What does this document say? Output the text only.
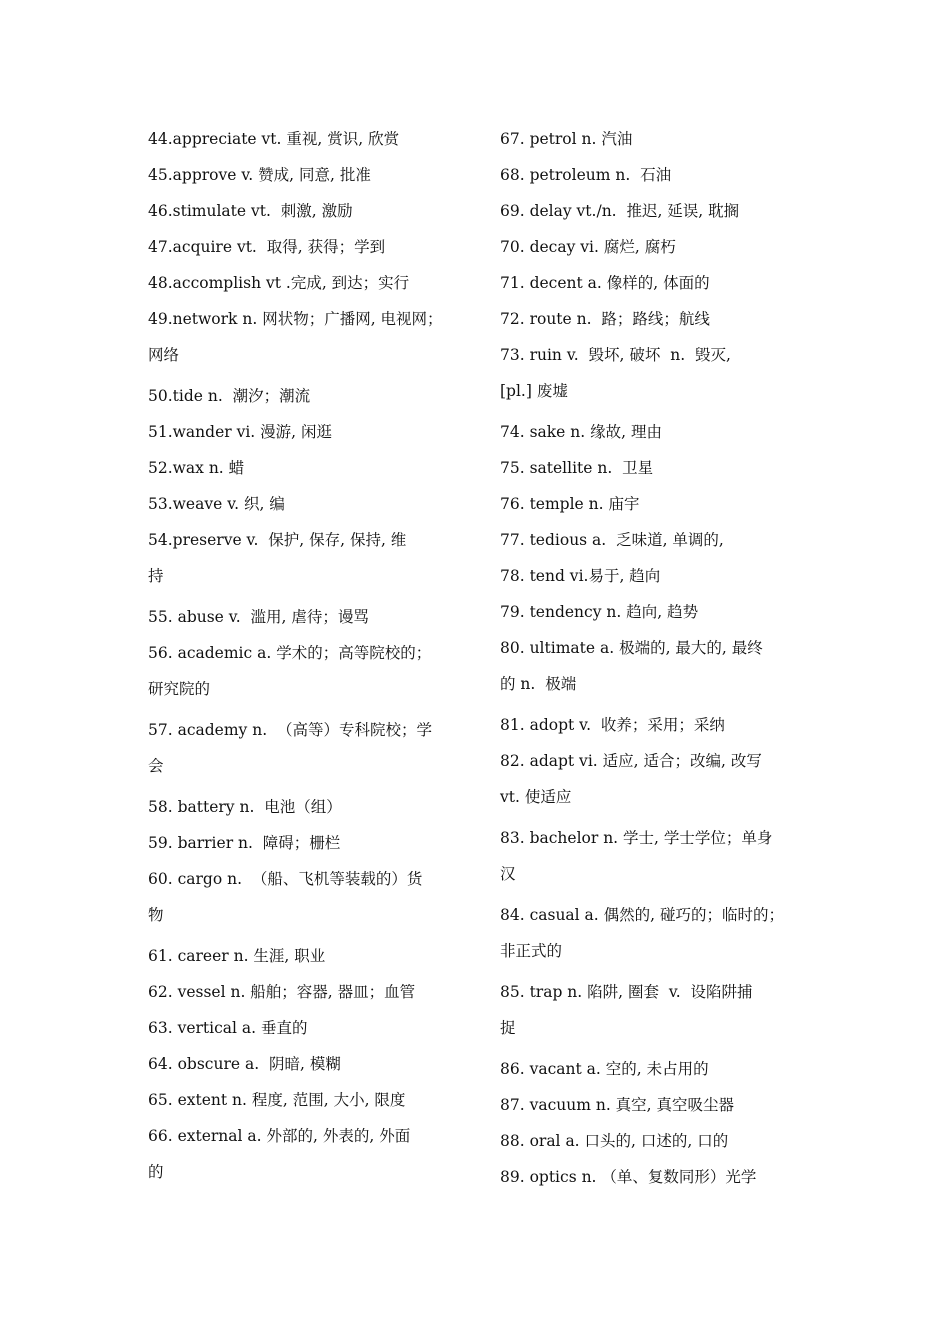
44.appreciate vt. 重视, 赏识, 欣赏
45.approve v. 赞成, 同意, 批准
46.stimulate vt.  刺激, 激励
47.acquire vt.  取得, 获得；学到
48.accomplish vt .完成, 到达；实行
49.network n. 网状物；广播网, 电视网；
网络
50.tide n.  潮汐；潮流
51.wander vi. 漫游, 闲逛
52.wax n. 蜡
53.weave v. 织, 编
54.preserve v.  保护, 保存, 保持, 维
持
55. abuse v.  滥用, 虐待；谩骂
56. academic a. 学术的；高等院校的；
研究院的
57. academy n.  （高等）专科院校；学
会
58. battery n.  电池（组）
59. barrier n.  障碍；栅栏
60. cargo n.  （船、飞机等装载的）货
物
61. career n. 生涯, 职业
62. vessel n. 船舶；容器, 器皿；血管
63. vertical a. 垂直的
64. obscure a.  阴暗, 模糊
65. extent n. 程度, 范围, 大小, 限度
66. external a. 外部的, 外表的, 外面
的
67. petrol n. 汽油
68. petroleum n.  石油
69. delay vt./n.  推迟, 延误, 耽搁
70. decay vi. 腐烂, 腐朽
71. decent a. 像样的, 体面的
72. route n.  路；路线；航线
73. ruin v.  毁坏, 破坏  n.  毁灭,
[pl.] 废墟
74. sake n. 缘故, 理由
75. satellite n.  卫星
76. temple n. 庙宇
77. tedious a.  乏味道, 单调的,
78. tend vi.易于, 趋向
79. tendency n. 趋向, 趋势
80. ultimate a. 极端的, 最大的, 最终
的 n.  极端
81. adopt v.  收养；采用；采纳
82. adapt vi. 适应, 适合；改编, 改写
vt. 使适应
83. bachelor n. 学士, 学士学位；单身
汉
84. casual a. 偶然的, 碰巧的；临时的；
非正式的
85. trap n. 陷阱, 圈套  v.  设陷阱捕
捉
86. vacant a. 空的, 未占用的
87. vacuum n. 真空, 真空吸尘器
88. oral a. 口头的, 口述的, 口的
89. optics n. （单、复数同形）光学
